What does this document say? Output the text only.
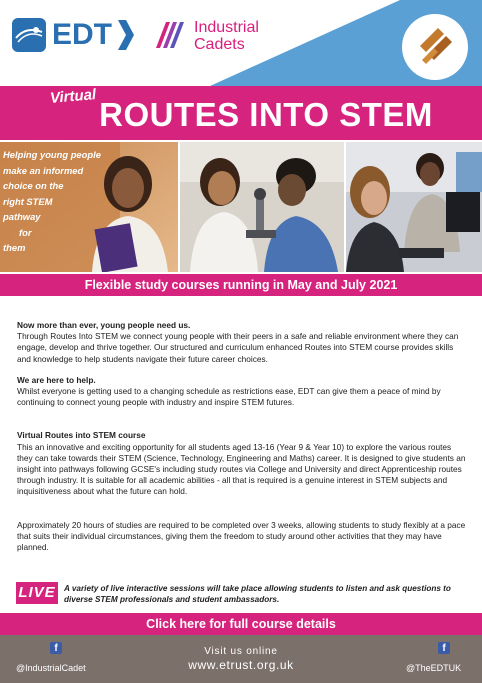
EDT	Industrial
Cadets
Virtual ROUTES INTO STEM
Helping young people
make an informed
choice on the
right STEM
pathway
for
them
Flexible study courses running in May and July 2021

Now more than ever, young people need us.

Through Routes Into STEM we connect young people with their peers in a safe and reliable environment where they can engage, develop and thrive together. Our structured and curriculum enhanced Routes into STEM course provides skills and knowledge to help students navigate their future career choices.

We are here to help.

Whilst everyone is getting used to a changing schedule as restrictions ease, EDT can give them a peace of mind by continuing to connect young people with industry and inspire STEM futures.

Virtual Routes into STEM course

This an innovative and exciting opportunity for all students aged 13-16 (Year 9 & Year 10) to explore the various routes they can take towards their STEM (Science, Technology, Engineering and Maths) career. It is designed to give students an insight into pathways following GCSE's including study routes via College and University and direct Apprenticeship routes through industry. It is suitable for all academic abilities - all that is required is a genuine interest in STEM subjects and inquisitiveness about what the future can hold.

Approximately 20 hours of studies are required to be completed over 3 weeks, allowing students to study flexibly at a pace that suits their individual circumstances, giving them the freedom to study around other activities that they may have planned.

LIVE A variety of live interactive sessions will take place allowing students to listen and ask questions to diverse STEM professionals and student ambassadors.
Click here for full course details
f
@IndustrialCadet
Visit us online
www.etrust.org.uk
f
@TheEDTUK
